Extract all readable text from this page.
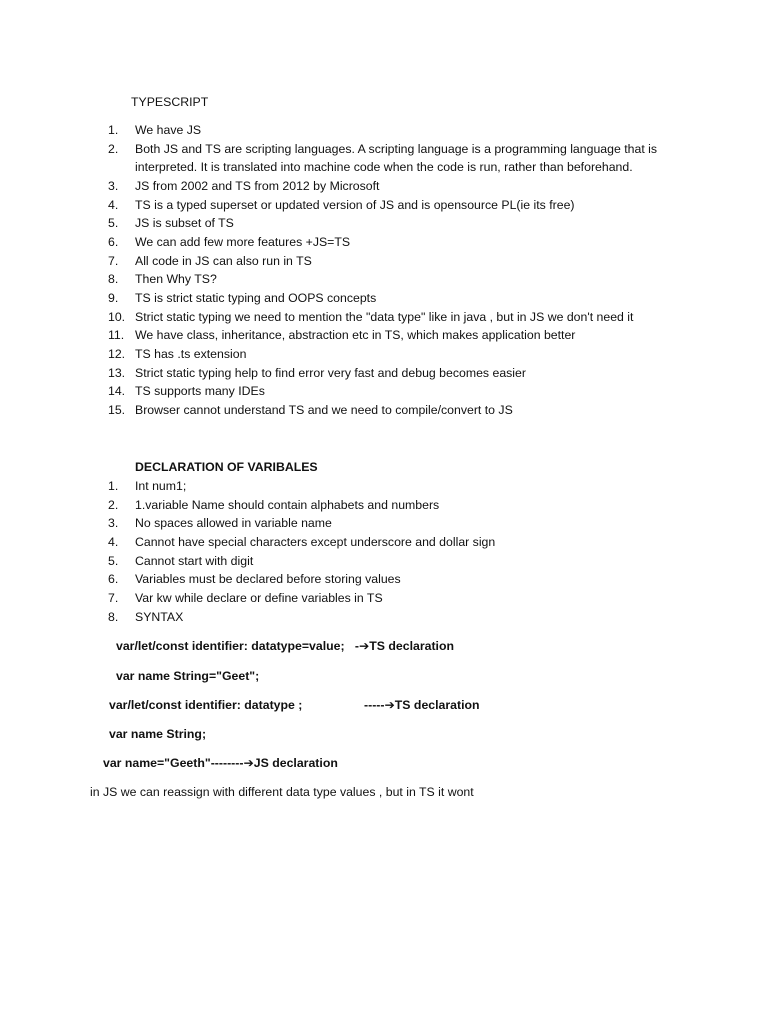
TYPESCRIPT
1.	We have JS
2.	Both JS and TS are scripting languages. A scripting language is a programming language that is interpreted. It is translated into machine code when the code is run, rather than beforehand.
3.	JS from 2002 and TS from 2012 by Microsoft
4.	TS is a typed superset or updated version of JS and is opensource PL(ie its free)
5.	JS is subset of TS
6.	We can add few more features +JS=TS
7.	All code in JS can also run in TS
8.	Then Why TS?
9.	TS is strict static typing and OOPS concepts
10. Strict static typing we need to mention the "data type" like in java , but in JS we don't need it
11. We have class, inheritance, abstraction etc in TS, which makes application better
12. TS has .ts extension
13. Strict static typing help to find error very fast and debug becomes easier
14. TS supports many IDEs
15. Browser cannot understand TS and we need to compile/convert to JS
DECLARATION OF VARIBALES
1.	Int num1;
2.	1.variable Name should contain alphabets and numbers
3.	No spaces allowed in variable name
4.	Cannot have special characters except underscore and dollar sign
5.	Cannot start with digit
6.	Variables must be declared before storing values
7.	Var kw while declare or define variables in TS
8.	SYNTAX
var/let/const identifier: datatype=value; -➔TS declaration
var name String="Geet";
var/let/const identifier: datatype ;	-----➔TS declaration
var name String;
var name="Geeth"--------➔JS declaration
in JS we can reassign with different data type values , but in TS it wont
